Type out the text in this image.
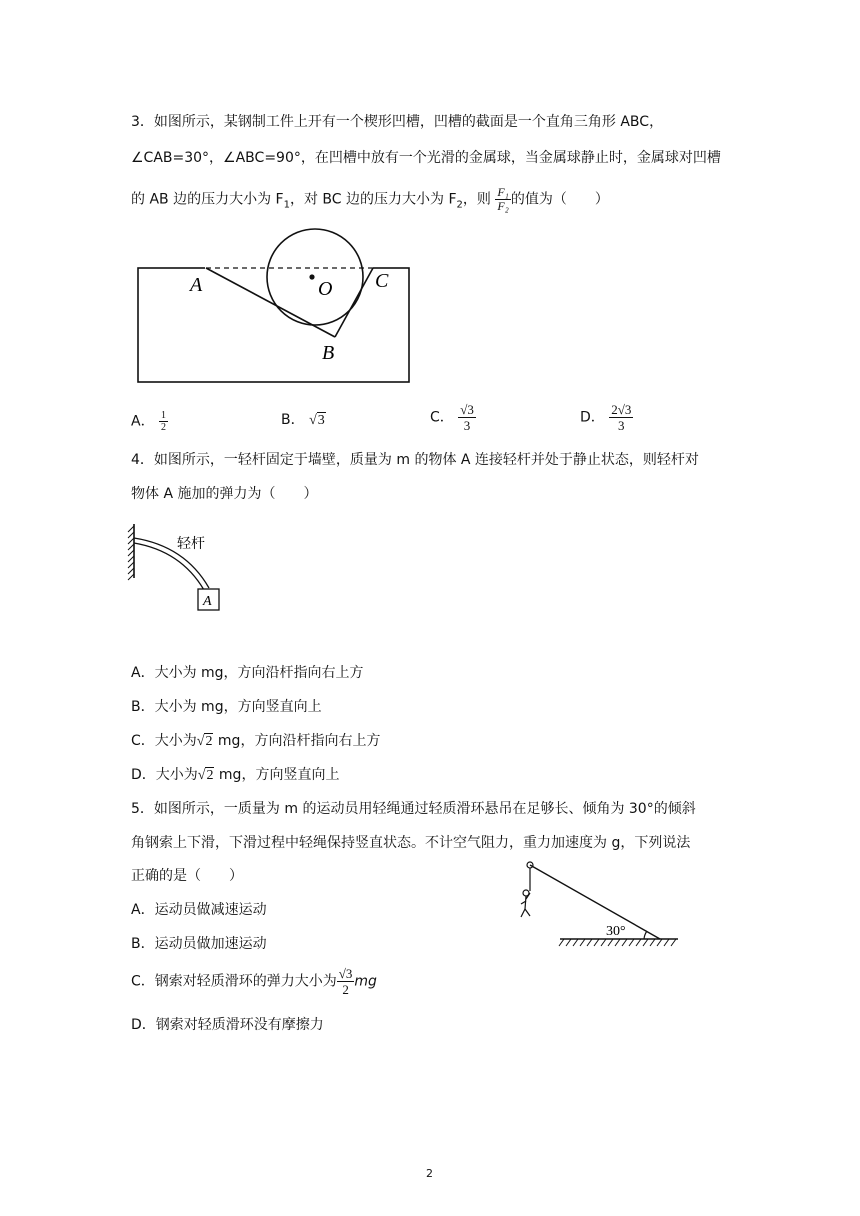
3．如图所示，某钢制工件上开有一个楔形凹槽，凹槽的截面是一个直角三角形 ABC，
∠CAB=30°，∠ABC=90°，在凹槽中放有一个光滑的金属球，当金属球静止时，金属球对凹槽
的 AB 边的压力大小为 $F_1$，对 BC 边的压力大小为 $F_2$，则 $\frac{\text{F₁}}{\text{F₂}}$ 的值为（　　）
A
B
C
O
A． $\frac{1}{2}$	B． √3	C． $\frac{√3}{3}$	D． $\frac{2√3}{3}$
4．如图所示，一轻杆固定于墙壁，质量为 m 的物体 A 连接轻杆并处于静止状态，则轻杆对
物体 A 施加的弹力为（　　）
A
轻杆
A．大小为 mg，方向沿杆指向右上方
B．大小为 mg，方向竖直向上
C．大小为√2 mg，方向沿杆指向右上方
D．大小为√2 mg，方向竖直向上
5．如图所示，一质量为 m 的运动员用轻绳通过轻质滑环悬吊在足够长、倾角为 30°的倾斜
角钢索上下滑，下滑过程中轻绳保持竖直状态。不计空气阻力，重力加速度为 g，下列说法
正确的是（　　）
30°
A．运动员做减速运动
B．运动员做加速运动
C．钢索对轻质滑环的弹力大小为 $\frac{√3}{2}$ mg
D．钢索对轻质滑环没有摩擦力
2
